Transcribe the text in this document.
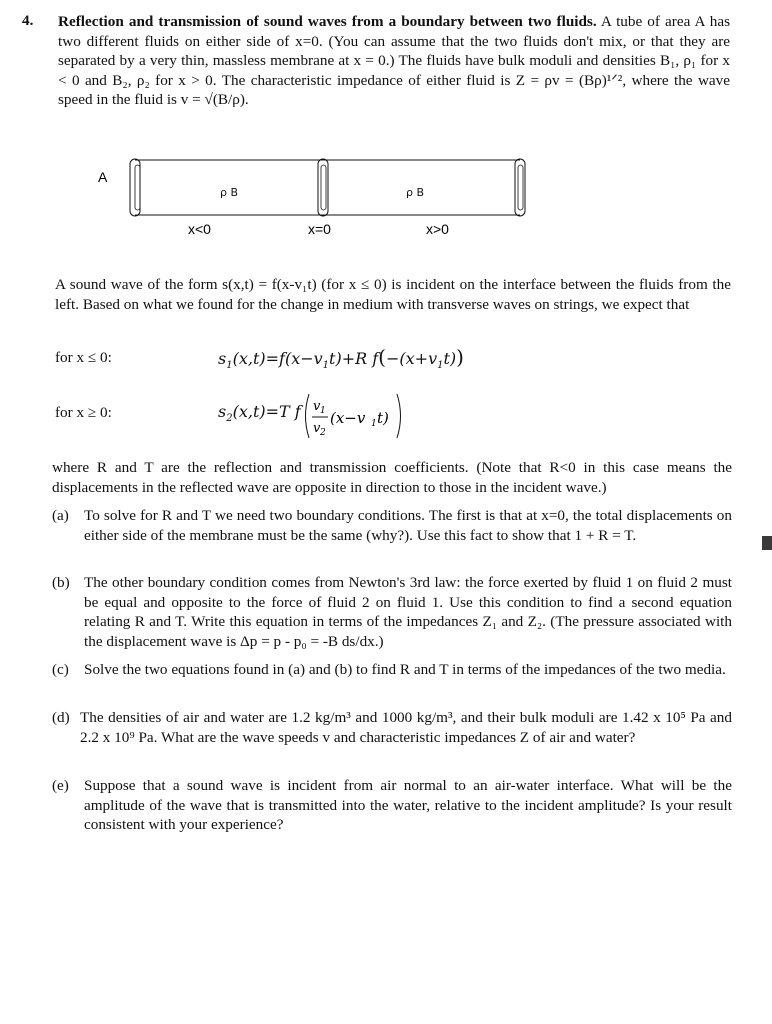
4. Reflection and transmission of sound waves from a boundary between two fluids. A tube of area A has two different fluids on either side of x=0. (You can assume that the two fluids don't mix, or that they are separated by a very thin, massless membrane at x = 0.) The fluids have bulk moduli and densities B₁, ρ₁ for x < 0 and B₂, ρ₂ for x > 0. The characteristic impedance of either fluid is Z = ρv = (Bρ)¹ᐟ², where the wave speed in the fluid is v = √(B/ρ).
A
ρ B	ρ B
x<0	x=0	x>0
A sound wave of the form s(x,t) = f(x-v₁t) (for x ≤ 0) is incident on the interface between the fluids from the left. Based on what we found for the change in medium with transverse waves on strings, we expect that
for x ≤ 0:	$s_1(x,t)=f(x-v_1t)+R$ $f(-(x+v_1t))$
for x ≥ 0:	$s_2(x,t)=T$ f v 1
v 2
(x−v 1 t)
where R and T are the reflection and transmission coefficients. (Note that R<0 in this case means the displacements in the reflected wave are opposite in direction to those in the incident wave.)
(a) To solve for R and T we need two boundary conditions. The first is that at x=0, the total displacements on either side of the membrane must be the same (why?). Use this fact to show that 1 + R = T.
(b) The other boundary condition comes from Newton's 3rd law: the force exerted by fluid 1 on fluid 2 must be equal and opposite to the force of fluid 2 on fluid 1. Use this condition to find a second equation relating R and T. Write this equation in terms of the impedances Z₁ and Z₂. (The pressure associated with the displacement wave is Δp = p - p₀ = -B ds/dx.)
(c) Solve the two equations found in (a) and (b) to find R and T in terms of the impedances of the two media.
(d) The densities of air and water are 1.2 kg/m³ and 1000 kg/m³, and their bulk moduli are 1.42 x 10⁵ Pa and 2.2 x 10⁹ Pa. What are the wave speeds v and characteristic impedances Z of air and water?
(e) Suppose that a sound wave is incident from air normal to an air-water interface. What will be the amplitude of the wave that is transmitted into the water, relative to the incident amplitude? Is your result consistent with your experience?
